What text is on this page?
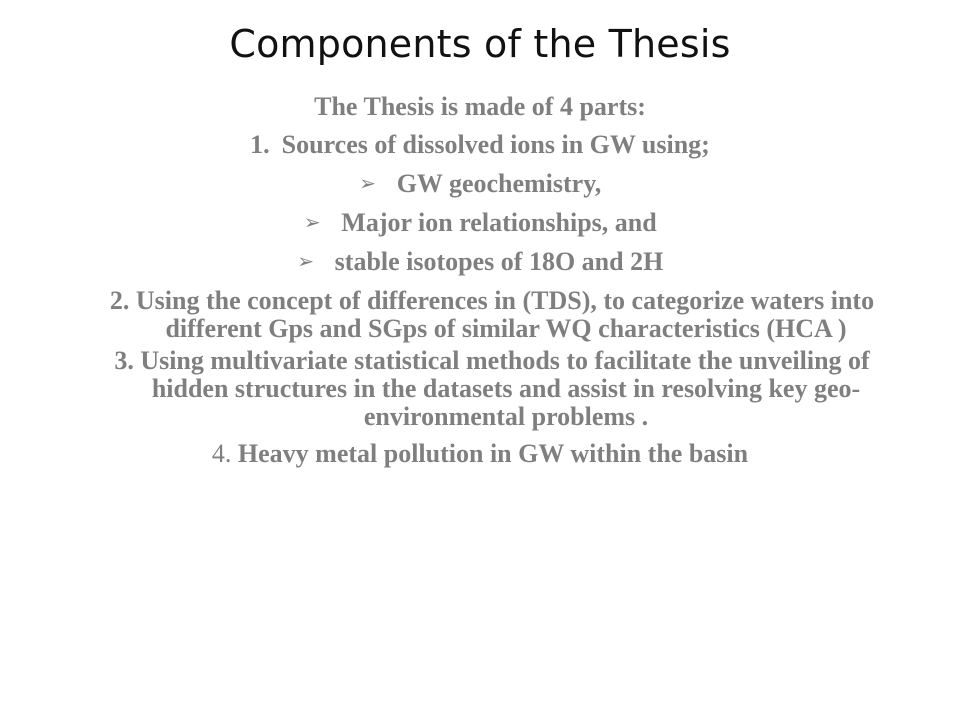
Components of the Thesis
The Thesis is made of 4 parts:
1. Sources of dissolved ions in GW using;
➢ GW geochemistry,
➢ Major ion relationships, and
➢ stable isotopes of 18O and 2H
2. Using the concept of differences in (TDS), to categorize waters into different Gps and SGps of similar WQ characteristics (HCA )
3. Using multivariate statistical methods to facilitate the unveiling of hidden structures in the datasets and assist in resolving key geo-environmental problems .
4. Heavy metal pollution in GW within the basin
